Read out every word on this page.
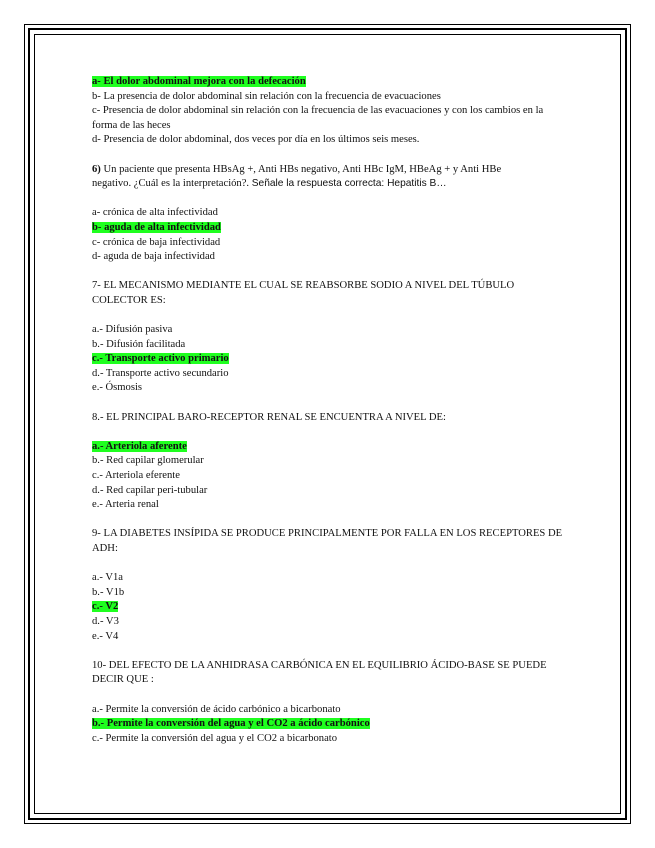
a- El dolor abdominal mejora con la defecación
b- La presencia de dolor abdominal sin relación con la frecuencia de evacuaciones
c- Presencia de dolor abdominal sin relación con la frecuencia de las evacuaciones y con los cambios en la forma de las heces
d- Presencia de dolor abdominal, dos veces por día en los últimos seis meses.
6) Un paciente que presenta HBsAg +, Anti HBs negativo, Anti HBc IgM, HBeAg + y Anti HBe
negativo. ¿Cuál es la interpretación?. Señale la respuesta correcta: Hepatitis B…
a- crónica de alta infectividad
b- aguda de alta infectividad
c- crónica de baja infectividad
d- aguda de baja infectividad
7- EL MECANISMO MEDIANTE EL CUAL SE REABSORBE SODIO A NIVEL DEL TÚBULO COLECTOR ES:
a.- Difusión pasiva
b.- Difusión facilitada
c.- Transporte activo primario
d.- Transporte activo secundario
e.- Ósmosis
8.- EL PRINCIPAL BARO-RECEPTOR RENAL SE ENCUENTRA A NIVEL DE:
a.- Arteriola aferente
b.- Red capilar glomerular
c.- Arteriola eferente
d.- Red capilar peri-tubular
e.- Arteria renal
9- LA DIABETES INSÍPIDA SE PRODUCE PRINCIPALMENTE POR FALLA EN LOS RECEPTORES DE ADH:
a.- V1a
b.- V1b
c.- V2
d.- V3
e.- V4
10- DEL EFECTO DE LA ANHIDRASA CARBÓNICA EN EL EQUILIBRIO ÁCIDO-BASE SE PUEDE DECIR QUE :
a.- Permite la conversión de ácido carbónico a bicarbonato
b.- Permite la conversión del agua y el CO2 a ácido carbónico
c.- Permite la conversión del agua y el CO2 a bicarbonato
